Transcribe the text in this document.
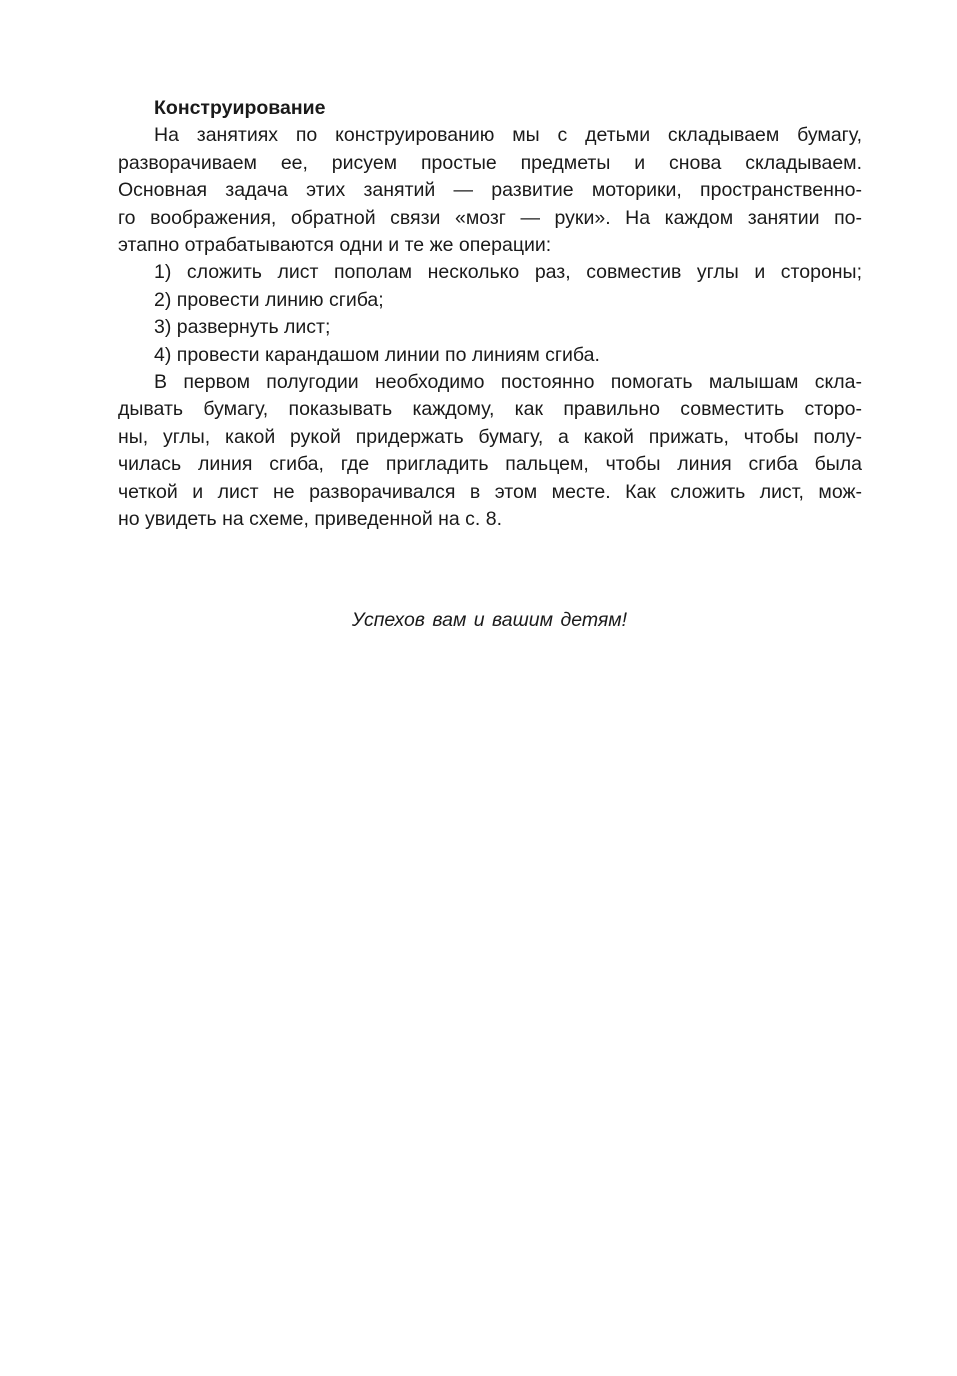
Конструирование

На занятиях по конструированию мы с детьми складываем бумагу,
разворачиваем ее, рисуем простые предметы и снова складываем.
Основная задача этих занятий — развитие моторики, пространственно-
го воображения, обратной связи «мозг — руки». На каждом занятии по-
этапно отрабатываются одни и те же операции:

1) сложить лист пополам несколько раз, совместив углы и стороны;

2) провести линию сгиба;

3) развернуть лист;

4) провести карандашом линии по линиям сгиба.

В первом полугодии необходимо постоянно помогать малышам скла-
дывать бумагу, показывать каждому, как правильно совместить сторо-
ны, углы, какой рукой придержать бумагу, а какой прижать, чтобы полу-
чилась линия сгиба, где пригладить пальцем, чтобы линия сгиба была
четкой и лист не разворачивался в этом месте. Как сложить лист, мож-
но увидеть на схеме, приведенной на с. 8.

Успехов вам и вашим детям!
